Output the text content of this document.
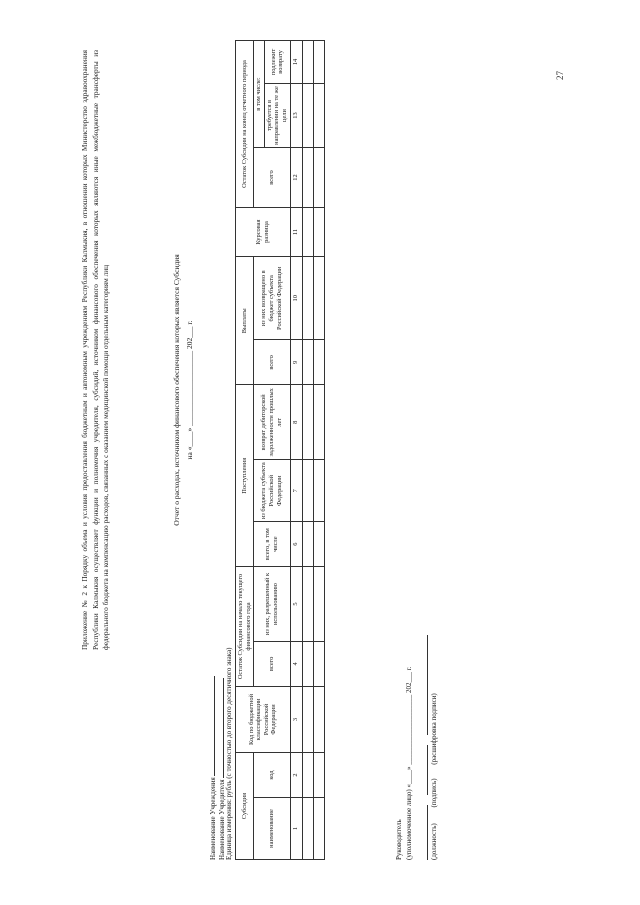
27
Приложение № 2 к Порядку объема и условия предоставления бюджетным и автономным учреждениям Республики Калмыкия, в отношении которых Министерство здравоохранения Республики Калмыкия осуществляет функции и полномочия учредителя, субсидий, источником финансового обеспечения которых являются иные межбюджетные трансферты из федерального бюджета на компенсацию расходов, связанных с оказанием медицинской помощи отдельным категориям лиц	Отчет о расходах, источником финансового обеспечения которых является Субсидия на «____» ____________________ 202___ г.
Наименование Учреждения Наименование Учредителя Единица измерения: рубль (с точностью до второго десятичного знака) Субсидия		Код по бюджетной классификации Российской Федерации	Остаток Субсидии на начало текущего финансового года		Поступления			Выплаты		Курсовая разница	Остаток Субсидии на конец отчетного периода		
наименование	код		всего	из них, разрешенный к использованию	всего, в том числе	из бюджета субъекта Российской Федерации	возврат дебиторской задолженности прошлых лет	всего	из них возвращено в бюджет субъекта Российской Федерации		всего	в том числе:	
												требуется в направлении на те же цели	подлежит возврату
1	2	3	4	5	6	7	8	9	10	11	12	13	14

Руководитель (уполномоченное лицо) «____» ____________________ 202___ г.
(должность) (подпись) (расшифровка подписи)
